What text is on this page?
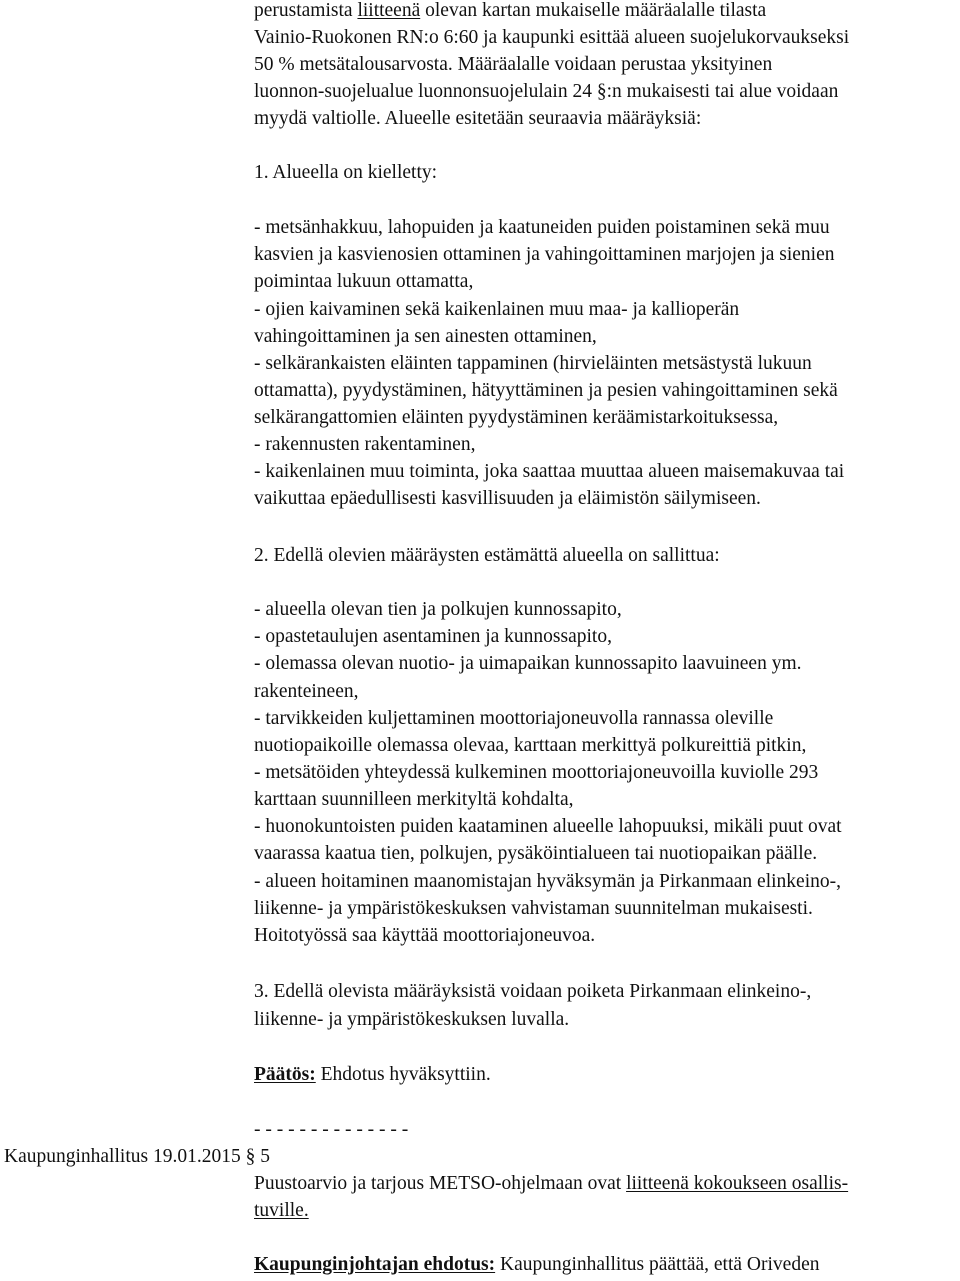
perustamista liitteenä olevan kartan mukaiselle määräalalle tilasta
Vainio-Ruokonen RN:o 6:60 ja kaupunki esittää alueen suojelukorvaukseksi
50 % metsätalousarvosta. Määräalalle voidaan perustaa yksityinen
luonnon-suojelualue luonnonsuojelulain 24 §:n mukaisesti tai alue voidaan
myydä valtiolle. Alueelle esitetään seuraavia määräyksiä:
1. Alueella on kielletty:
- metsänhakkuu, lahopuiden ja kaatuneiden puiden poistaminen sekä muu
kasvien ja kasvienosien ottaminen ja vahingoittaminen marjojen ja sienien
poimintaa lukuun ottamatta,
- ojien kaivaminen sekä kaikenlainen muu maa- ja kallioperän
vahingoittaminen ja sen ainesten ottaminen,
- selkärankaisten eläinten tappaminen (hirvieläinten metsästystä lukuun
ottamatta), pyydystäminen, hätyyttäminen ja pesien vahingoittaminen sekä
selkärangattomien eläinten pyydystäminen keräämistarkoituksessa,
- rakennusten rakentaminen,
- kaikenlainen muu toiminta, joka saattaa muuttaa alueen maisemakuvaa tai
vaikuttaa epäedullisesti kasvillisuuden ja eläimistön säilymiseen.
2. Edellä olevien määräysten estämättä alueella on sallittua:
- alueella olevan tien ja polkujen kunnossapito,
- opastetaulujen asentaminen ja kunnossapito,
- olemassa olevan nuotio- ja uimapaikan kunnossapito laavuineen ym.
rakenteineen,
- tarvikkeiden kuljettaminen moottoriajoneuvolla rannassa oleville
nuotiopaikoille olemassa olevaa, karttaan merkittyä polkureittiä pitkin,
- metsätöiden yhteydessä kulkeminen moottoriajoneuvoilla kuviolle 293
karttaan suunnilleen merkityltä kohdalta,
- huonokuntoisten puiden kaataminen alueelle lahopuuksi, mikäli puut ovat
vaarassa kaatua tien, polkujen, pysäköintialueen tai nuotiopaikan päälle.
- alueen hoitaminen maanomistajan hyväksymän ja Pirkanmaan elinkeino-,
liikenne- ja ympäristökeskuksen vahvistaman suunnitelman mukaisesti.
Hoitotyössä saa käyttää moottoriajoneuvoa.
3. Edellä olevista määräyksistä voidaan poiketa Pirkanmaan elinkeino-,
liikenne- ja ympäristökeskuksen luvalla.
Päätös: Ehdotus hyväksyttiin.
- - - - - - - - - - - - - -
Kaupunginhallitus 19.01.2015 § 5
Puustoarvio ja tarjous METSO-ohjelmaan ovat liitteenä kokoukseen osallis-
tuville.
Kaupunginjohtajan ehdotus: Kaupunginhallitus päättää, että Oriveden
